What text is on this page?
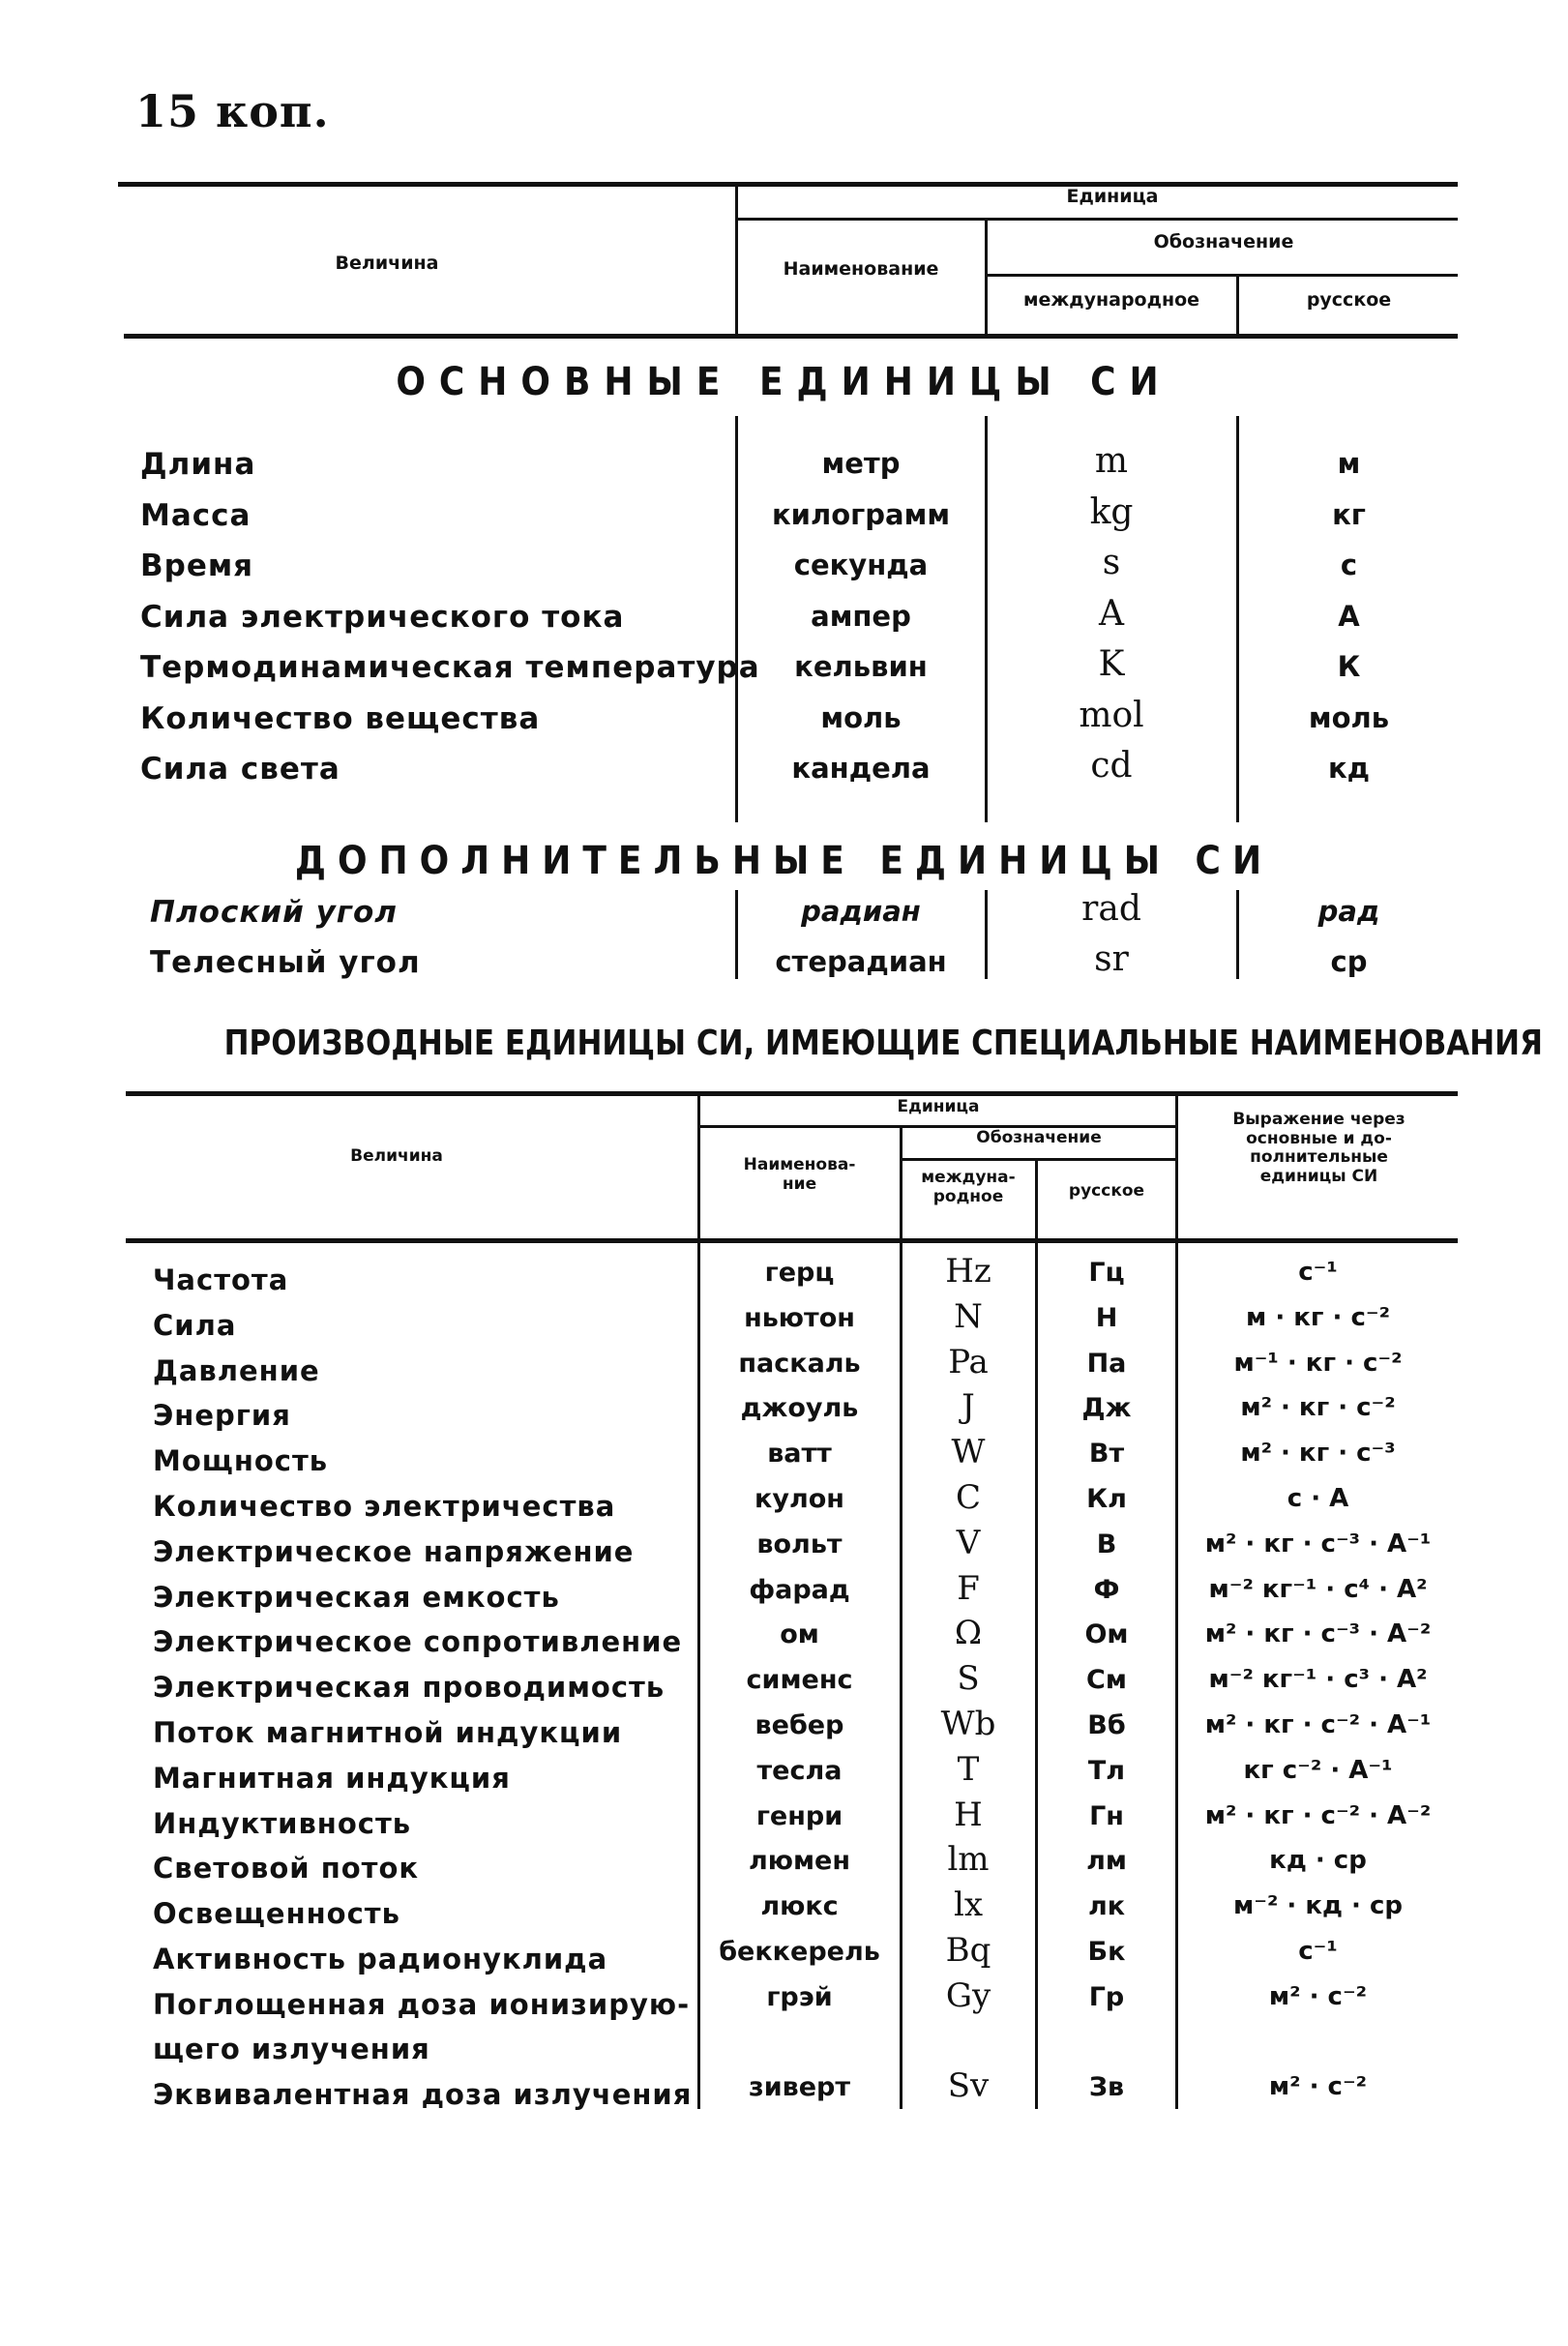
15 коп.
Величина
Единица
Наименование
Обозначение
международное	русское
ОСНОВНЫЕ ЕДИНИЦЫ СИ
Длина	метр	m	м
Масса	килограмм	kg	кг
Время	секунда	s	с
Сила электрического тока	ампер	A	А
Термодинамическая температура	кельвин	K	К
Количество вещества	моль	mol	моль
Сила света	кандела	cd	кд
ДОПОЛНИТЕЛЬНЫЕ ЕДИНИЦЫ СИ
Плоский угол	радиан	rad	рад
Телесный угол	стерадиан	sr	ср
ПРОИЗВОДНЫЕ ЕДИНИЦЫ СИ, ИМЕЮЩИЕ СПЕЦИАЛЬНЫЕ НАИМЕНОВАНИЯ
Величина
Единица
Наименова-
ние
Обозначение
междуна-
родное	русское
Выражение через
основные и до-
полнительные
единицы СИ
Частота	герц	Hz	Гц	с⁻¹
Сила	ньютон	N	Н	м · кг · с⁻²
Давление	паскаль	Pa	Па	м⁻¹ · кг · с⁻²
Энергия	джоуль	J	Дж	м² · кг · с⁻²
Мощность	ватт	W	Вт	м² · кг · с⁻³
Количество электричества	кулон	C	Кл	с · А
Электрическое напряжение	вольт	V	В	м² · кг · с⁻³ · А⁻¹
Электрическая емкость	фарад	F	Ф	м⁻² кг⁻¹ · с⁴ · А²
Электрическое сопротивление	ом	Ω	Ом	м² · кг · с⁻³ · А⁻²
Электрическая проводимость	сименс	S	См	м⁻² кг⁻¹ · с³ · А²
Поток магнитной индукции	вебер	Wb	Вб	м² · кг · с⁻² · А⁻¹
Магнитная индукция	тесла	T	Тл	кг с⁻² · А⁻¹
Индуктивность	генри	H	Гн	м² · кг · с⁻² · А⁻²
Световой поток	люмен	lm	лм	кд · ср
Освещенность	люкс	lx	лк	м⁻² · кд · ср
Активность радионуклида	беккерель	Bq	Бк	с⁻¹
Поглощенная доза ионизирую-
щего излучения
грэй	Gy	Гр	м² · с⁻²
Эквивалентная доза излучения	зиверт	Sv	Зв	м² · с⁻²
